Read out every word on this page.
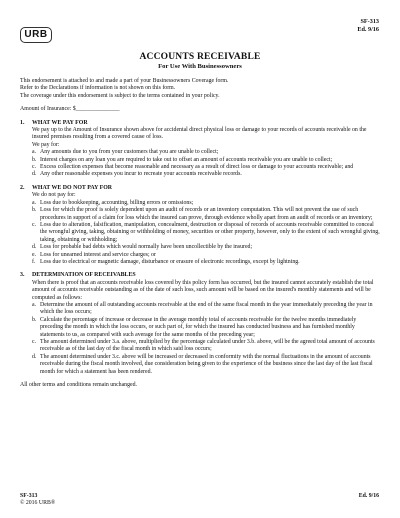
URB
SF-313
Ed. 9/16
ACCOUNTS RECEIVABLE
For Use With Businessowners

This endorsement is attached to and made a part of your Businessowners Coverage form.

Refer to the Declarations if information is not shown on this form.

The coverage under this endorsement is subject to the terms contained in your policy.

Amount of Insurance: $_______________

1. WHAT WE PAY FOR

We pay up to the Amount of Insurance shown above for accidental direct physical loss or damage to your records of accounts receivable on the insured premises resulting from a covered cause of loss.

We pay for:

a. Any amounts due to you from your customers that you are unable to collect;
b. Interest charges on any loan you are required to take out to offset an amount of accounts receivable you are unable to collect;
c. Excess collection expenses that become reasonable and necessary as a result of direct loss or damage to your accounts receivable; and
d. Any other reasonable expenses you incur to recreate your accounts receivable records.

2. WHAT WE DO NOT PAY FOR

We do not pay for:

a. Loss due to bookkeeping, accounting, billing errors or omissions;
b. Loss for which the proof is solely dependent upon an audit of records or an inventory computation. This will not prevent the use of such procedures in support of a claim for loss which the insured can prove, through evidence wholly apart from an audit of records or an inventory;
c. Loss due to alteration, falsification, manipulation, concealment, destruction or disposal of records of accounts receivable committed to conceal the wrongful giving, taking, obtaining or withholding of money, securities or other property, however, only to the extent of such wrongful giving, taking, obtaining or withholding;
d. Loss for probable bad debts which would normally have been uncollectible by the insured;
e. Loss for unearned interest and service charges; or
f. Loss due to electrical or magnetic damage, disturbance or erasure of electronic recordings, except by lightning.

3. DETERMINATION OF RECEIVABLES

When there is proof that an accounts receivable loss covered by this policy form has occurred, but the insured cannot accurately establish the total amount of accounts receivable outstanding as of the date of such loss, such amount will be based on the insured's monthly statements and will be computed as follows:

a. Determine the amount of all outstanding accounts receivable at the end of the same fiscal month in the year immediately preceding the year in which the loss occurs;
b. Calculate the percentage of increase or decrease in the average monthly total of accounts receivable for the twelve months immediately preceding the month in which the loss occurs, or such part of, for which the insured has conducted business and has furnished monthly statements to us, as compared with such average for the same months of the preceding year;
c. The amount determined under 3.a. above, multiplied by the percentage calculated under 3.b. above, will be the agreed total amount of accounts receivable as of the last day of the fiscal month in which said loss occurs;
d. The amount determined under 3.c. above will be increased or decreased in conformity with the normal fluctuations in the amount of accounts receivable during the fiscal month involved, due consideration being given to the experience of the business since the last day of the last fiscal month for which a statement has been rendered.

All other terms and conditions remain unchanged.

SF-313
© 2016 URB®
Ed. 9/16
